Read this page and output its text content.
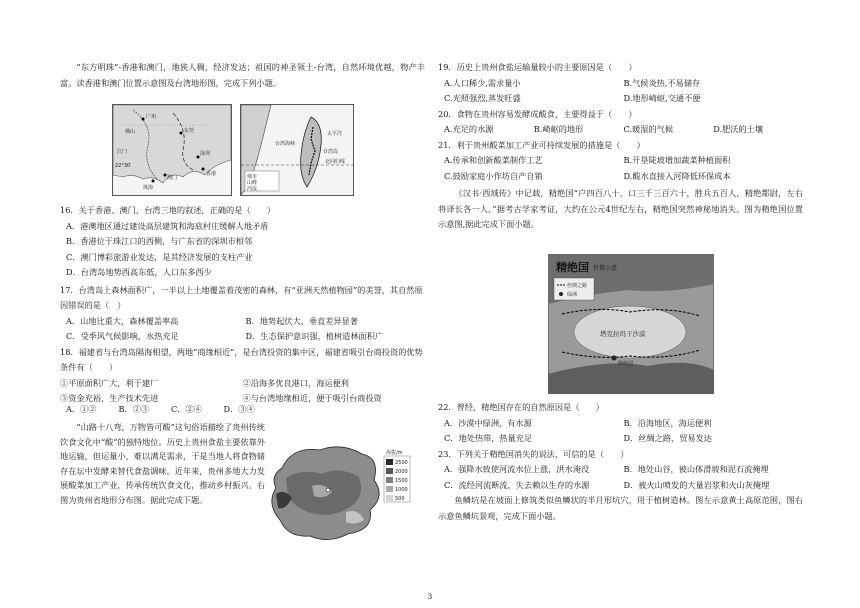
“东方明珠”-香港和澳门，地狭人稠，经济发达；祖国的神圣领土-台湾，自然环境优越，物产丰富。读香港和澳门位置示意图及台湾地形图，完成下列小题。

广州
东莞
深圳
珠海
香港
澳门
江门
佛山
22°30′
台湾海峡
太平洋
台湾岛
北回归线
城市
山峰
河流

16．关于香港、澳门、台湾三地的叙述，正确的是（　　）

A．港澳地区通过建设高层建筑和海底村庄缓解人地矛盾
B．香港位于珠江口的西侧，与广东省的深圳市相邻
C．澳门博彩旅游业发达，是其经济发展的支柱产业
D．台湾岛地势西高东低，人口东多西少

17．台湾岛上森林面积广，一半以上土地覆盖着茂密的森林，有“亚洲天然植物园”的美誉，其自然原因错误的是（　）

A．山地比重大，森林覆盖率高	B．地势起伏大，垂直差异显著
C．受季风气候影响，水热充足	D．生态保护意识强，植树造林面积广

18．福建省与台湾岛隔海相望，两地“商缘相近”，是台湾投资的集中区，福建省吸引台商投资的优势条件有（　　）

①平原面积广大，利于建厂	②沿海多优良港口，海运便利
③资金充裕，生产技术先进	④与台湾地缘相近，便于吸引台商投资
A．①②	B．②③	C．②④	D．③④

“山路十八弯，万物皆可酸”这句俗语描绘了贵州传统饮食文化中“酸”的独特地位。历史上贵州食盐主要依靠外地运输，但运量小，难以满足需求，于是当地人将食物储存在坛中发酵来替代食盐调味。近年来，贵州多地大力发展酸菜加工产业，传承传统饮食文化，推动乡村振兴。右图为贵州省地形分布图。据此完成下题。

海拔/m
2500
2000
1500
1000
500

19．历史上贵州食盐运输量较小的主要原因是（　　）

A.人口稀少,需求量小	B.气候炎热,不易储存
C.光照强烈,蒸发旺盛	D.地形崎岖,交通不便

20．食物在贵州容易发酵成酸食，主要得益于（　　）

A.充足的水源	B.崎岖的地形	C.暖湿的气候	D.肥沃的土壤

21．利于贵州酸菜加工产业可持续发展的措施是（　　）

A.传承和创新酸菜制作工艺	B.开垦陡坡增加蔬菜种植面积
C.鼓励家庭小作坊自产自销	D.酸水直接入河降低环保成本

《汉书·西域传》中记载，精绝国“户四百八十，口三千三百六十，胜兵五百人，精绝都尉，左右将译长各一人。”据考古学家考证，大约在公元4世纪左右，精绝国突然神秘地消失。图为精绝国位置示意图,据此完成下面小题。

精绝国 位置示意
丝绸之路
绿洲
塔克拉玛干沙漠
精绝国

22．曾经，精绝国存在的自然原因是（　　）

A．沙漠中绿洲，有水源	B．沿海地区，海运便利
C．地处热带，热量充足	D．丝绸之路，贸易发达

23．下列关于精绝国消失的说法，可信的是（　　）

A．强降水致使河流水位上涨，洪水淹没	B．地处山谷，被山体滑坡和泥石流掩埋
C．流经河流断流，失去赖以生存的水源	D．被火山喷发的大量岩浆和火山灰掩埋

鱼鳞坑是在坡面上修筑类似鱼鳞状的半月形坑穴，用于植树造林。图左示意黄土高原范围，图右示意鱼鳞坑景观，完成下面小题。

3
